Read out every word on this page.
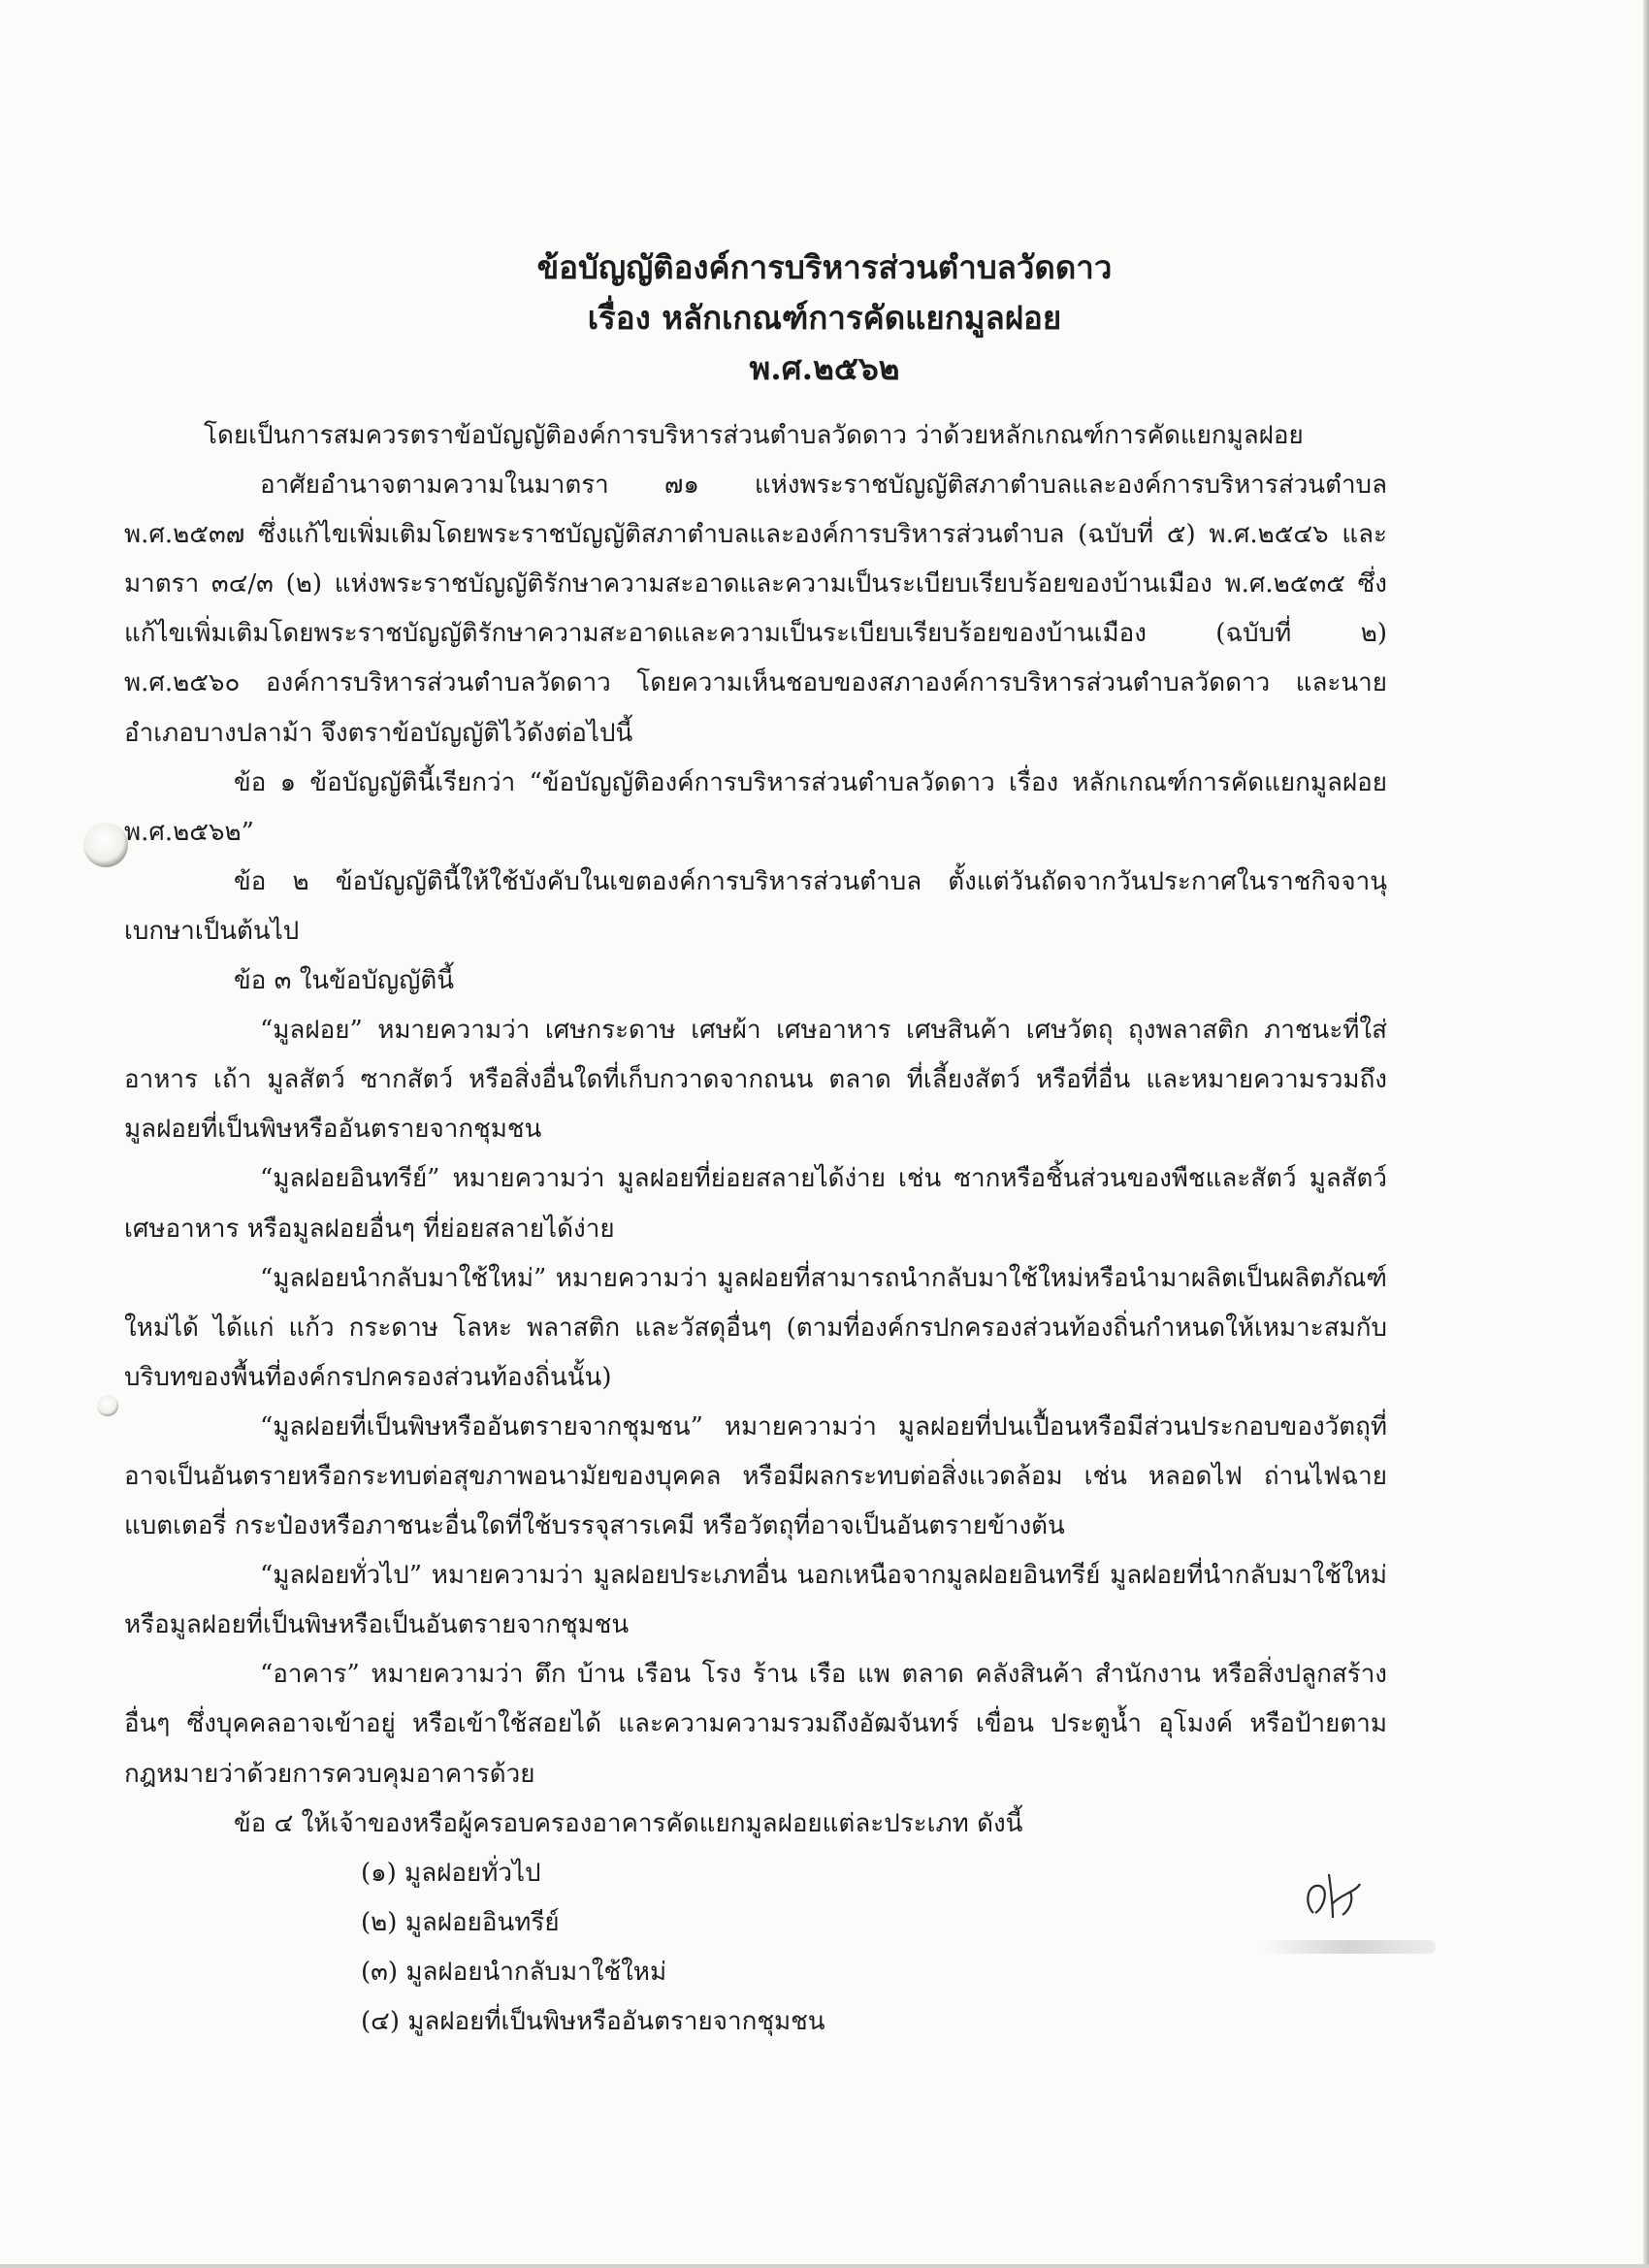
ข้อบัญญัติองค์การบริหารส่วนตำบลวัดดาว
เรื่อง หลักเกณฑ์การคัดแยกมูลฝอย
พ.ศ.๒๕๖๒

โดยเป็นการสมควรตราข้อบัญญัติองค์การบริหารส่วนตำบลวัดดาว ว่าด้วยหลักเกณฑ์การคัดแยกมูลฝอย

อาศัยอำนาจตามความในมาตรา ๗๑ แห่งพระราชบัญญัติสภาตำบลและองค์การบริหารส่วนตำบล พ.ศ.๒๕๓๗ ซึ่งแก้ไขเพิ่มเติมโดยพระราชบัญญัติสภาตำบลและองค์การบริหารส่วนตำบล (ฉบับที่ ๕) พ.ศ.๒๕๔๖ และมาตรา ๓๔/๓ (๒) แห่งพระราชบัญญัติรักษาความสะอาดและความเป็นระเบียบเรียบร้อยของบ้านเมือง พ.ศ.๒๕๓๕ ซึ่งแก้ไขเพิ่มเติมโดยพระราชบัญญัติรักษาความสะอาดและความเป็นระเบียบเรียบร้อยของบ้านเมือง (ฉบับที่ ๒) พ.ศ.๒๕๖๐ องค์การบริหารส่วนตำบลวัดดาว โดยความเห็นชอบของสภาองค์การบริหารส่วนตำบลวัดดาว และนายอำเภอบางปลาม้า จึงตราข้อบัญญัติไว้ดังต่อไปนี้

ข้อ ๑ ข้อบัญญัตินี้เรียกว่า “ข้อบัญญัติองค์การบริหารส่วนตำบลวัดดาว เรื่อง หลักเกณฑ์การคัดแยกมูลฝอย พ.ศ.๒๕๖๒”

ข้อ ๒ ข้อบัญญัตินี้ให้ใช้บังคับในเขตองค์การบริหารส่วนตำบล ตั้งแต่วันถัดจากวันประกาศในราชกิจจานุเบกษาเป็นต้นไป

ข้อ ๓ ในข้อบัญญัตินี้

“มูลฝอย” หมายความว่า เศษกระดาษ เศษผ้า เศษอาหาร เศษสินค้า เศษวัตถุ ถุงพลาสติก ภาชนะที่ใส่อาหาร เถ้า มูลสัตว์ ซากสัตว์ หรือสิ่งอื่นใดที่เก็บกวาดจากถนน ตลาด ที่เลี้ยงสัตว์ หรือที่อื่น และหมายความรวมถึงมูลฝอยที่เป็นพิษหรืออันตรายจากชุมชน

“มูลฝอยอินทรีย์” หมายความว่า มูลฝอยที่ย่อยสลายได้ง่าย เช่น ซากหรือชิ้นส่วนของพืชและสัตว์ มูลสัตว์ เศษอาหาร หรือมูลฝอยอื่นๆ ที่ย่อยสลายได้ง่าย

“มูลฝอยนำกลับมาใช้ใหม่” หมายความว่า มูลฝอยที่สามารถนำกลับมาใช้ใหม่หรือนำมาผลิตเป็นผลิตภัณฑ์ใหม่ได้ ได้แก่ แก้ว กระดาษ โลหะ พลาสติก และวัสดุอื่นๆ (ตามที่องค์กรปกครองส่วนท้องถิ่นกำหนดให้เหมาะสมกับบริบทของพื้นที่องค์กรปกครองส่วนท้องถิ่นนั้น)

“มูลฝอยที่เป็นพิษหรืออันตรายจากชุมชน” หมายความว่า มูลฝอยที่ปนเปื้อนหรือมีส่วนประกอบของวัตถุที่อาจเป็นอันตรายหรือกระทบต่อสุขภาพอนามัยของบุคคล หรือมีผลกระทบต่อสิ่งแวดล้อม เช่น หลอดไฟ ถ่านไฟฉาย แบตเตอรี่ กระป๋องหรือภาชนะอื่นใดที่ใช้บรรจุสารเคมี หรือวัตถุที่อาจเป็นอันตรายข้างต้น

“มูลฝอยทั่วไป” หมายความว่า มูลฝอยประเภทอื่น นอกเหนือจากมูลฝอยอินทรีย์ มูลฝอยที่นำกลับมาใช้ใหม่ หรือมูลฝอยที่เป็นพิษหรือเป็นอันตรายจากชุมชน

“อาคาร” หมายความว่า ตึก บ้าน เรือน โรง ร้าน เรือ แพ ตลาด คลังสินค้า สำนักงาน หรือสิ่งปลูกสร้างอื่นๆ ซึ่งบุคคลอาจเข้าอยู่ หรือเข้าใช้สอยได้ และความความรวมถึงอัฒจันทร์ เขื่อน ประตูน้ำ อุโมงค์ หรือป้ายตามกฎหมายว่าด้วยการควบคุมอาคารด้วย

ข้อ ๔ ให้เจ้าของหรือผู้ครอบครองอาคารคัดแยกมูลฝอยแต่ละประเภท ดังนี้

(๑) มูลฝอยทั่วไป

(๒) มูลฝอยอินทรีย์

(๓) มูลฝอยนำกลับมาใช้ใหม่

(๔) มูลฝอยที่เป็นพิษหรืออันตรายจากชุมชน
